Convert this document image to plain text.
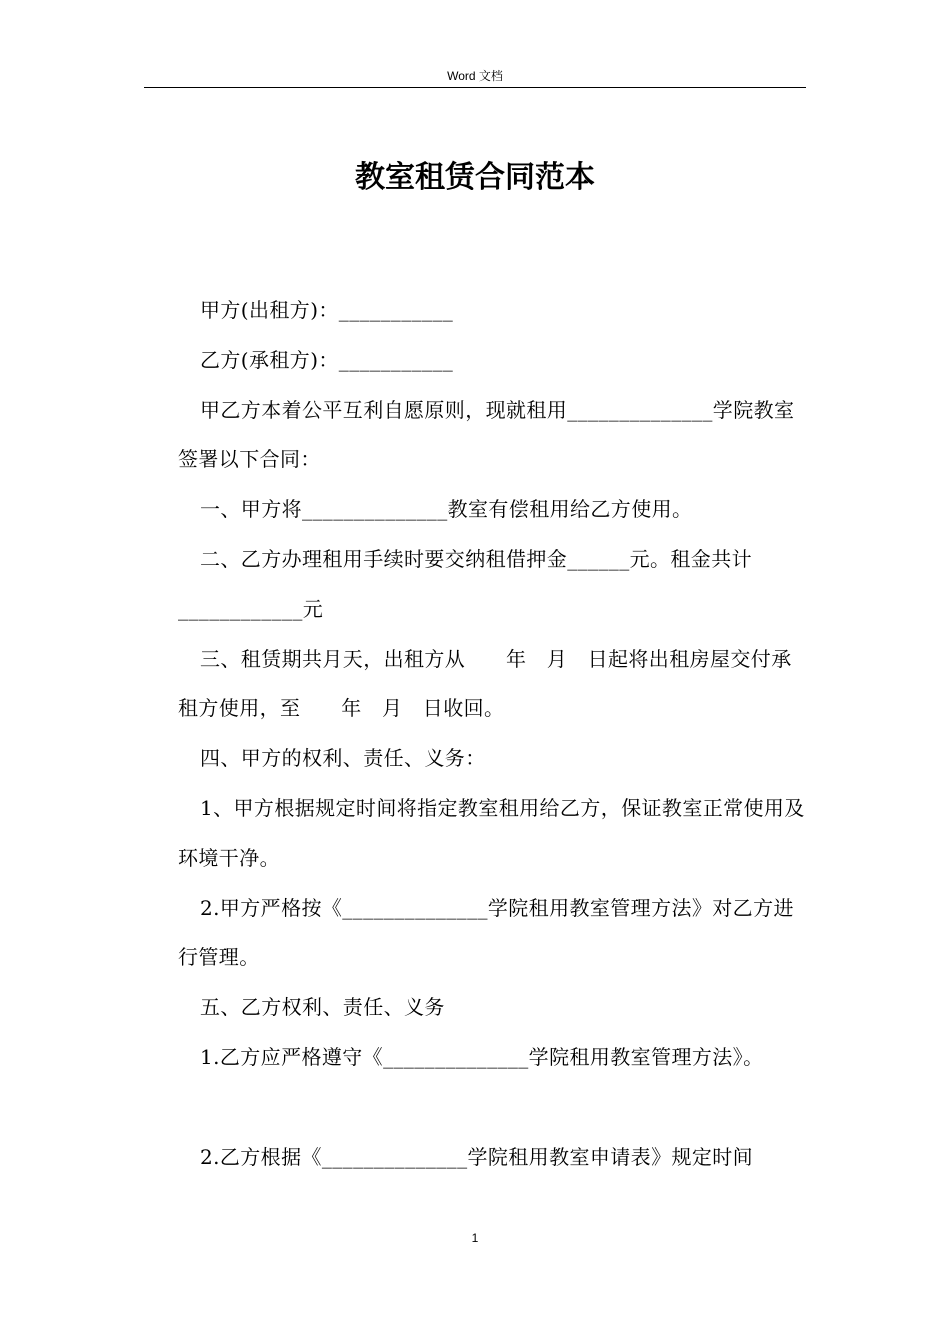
Word 文档
教室租赁合同范本

甲方(出租方)：___________

乙方(承租方)：___________

甲乙方本着公平互利自愿原则，现就租用______________学院教室签署以下合同：

一、甲方将______________教室有偿租用给乙方使用。

二、乙方办理租用手续时要交纳租借押金______元。租金共计____________元

三、租赁期共月天，出租方从　　年　月　日起将出租房屋交付承租方使用，至　　年　月　日收回。

四、甲方的权利、责任、义务：

1、甲方根据规定时间将指定教室租用给乙方，保证教室正常使用及环境干净。

2.甲方严格按《______________学院租用教室管理方法》对乙方进行管理。

五、乙方权利、责任、义务

1.乙方应严格遵守《______________学院租用教室管理方法》。

2.乙方根据《______________学院租用教室申请表》规定时间

1
